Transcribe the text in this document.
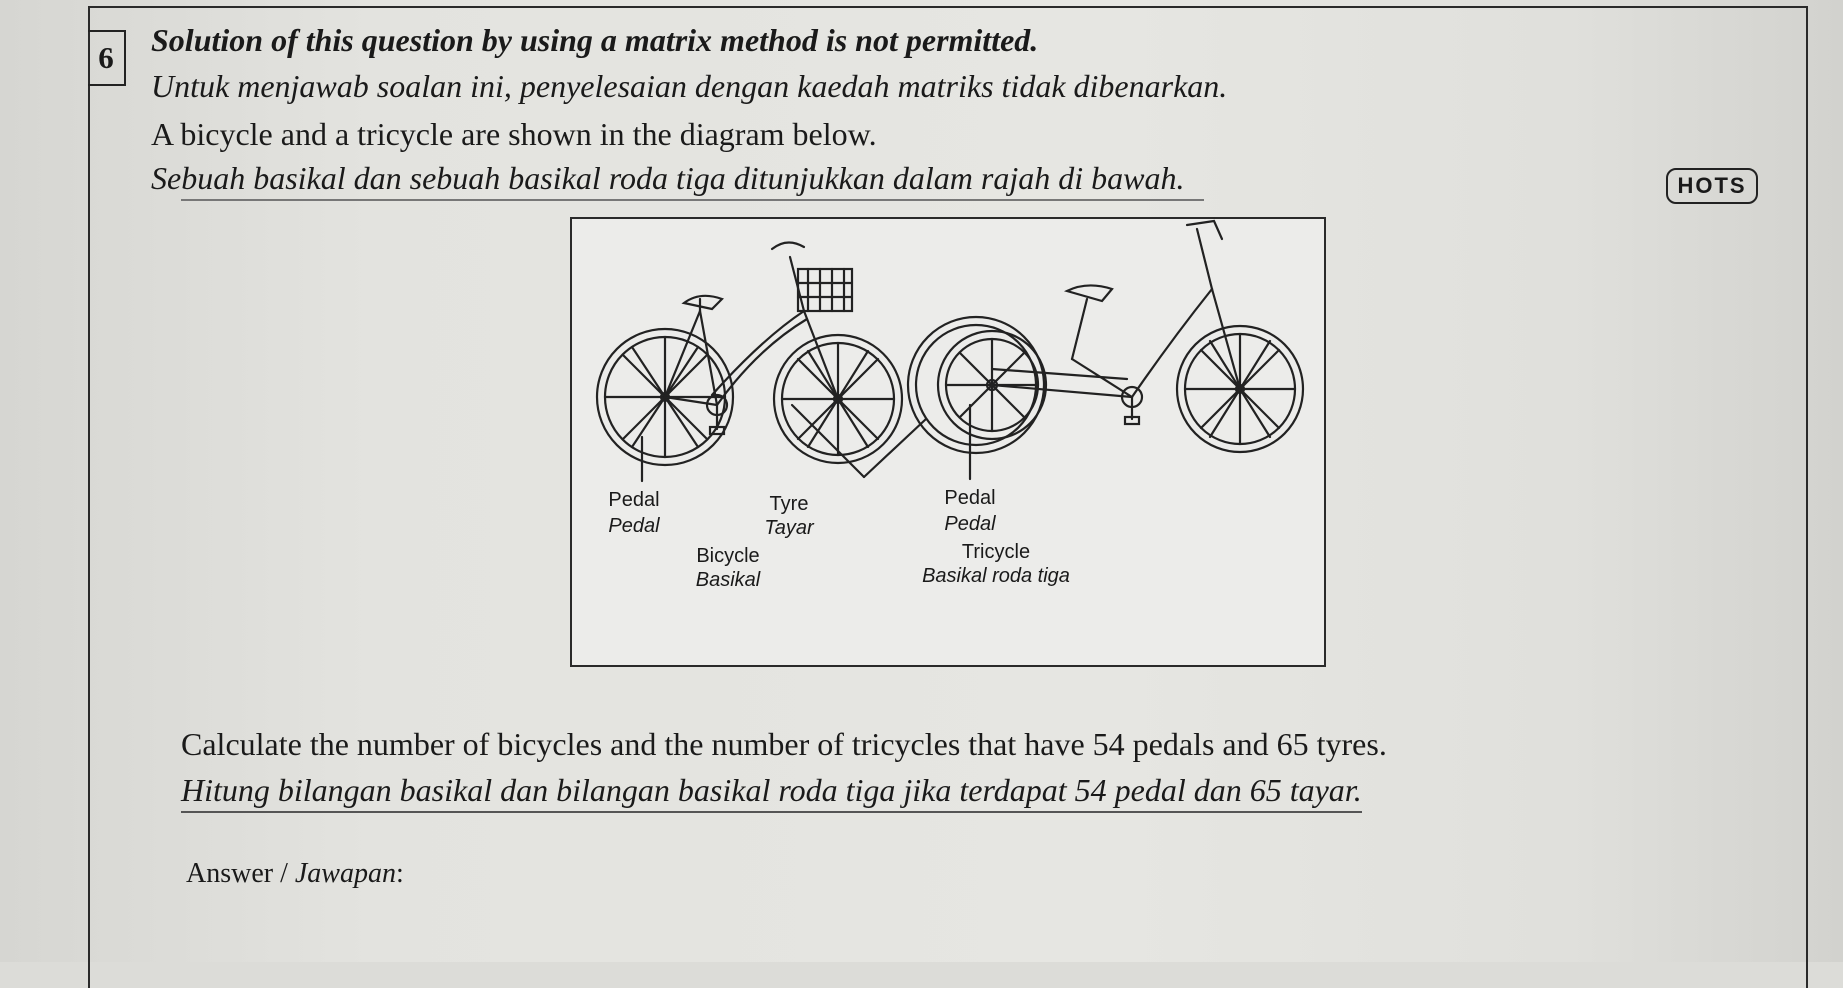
6	Solution of this question by using a matrix method is not permitted.
Untuk menjawab soalan ini, penyelesaian dengan kaedah matriks tidak dibenarkan.
A bicycle and a tricycle are shown in the diagram below.
Sebuah basikal dan sebuah basikal roda tiga ditunjukkan dalam rajah di bawah.	HOTS
Pedal
Pedal
Tyre
Tayar
Pedal
Pedal
Bicycle
Basikal
Tricycle
Basikal roda tiga
Calculate the number of bicycles and the number of tricycles that have 54 pedals and 65 tyres.
Hitung bilangan basikal dan bilangan basikal roda tiga jika terdapat 54 pedal dan 65 tayar.
Answer / Jawapan:
